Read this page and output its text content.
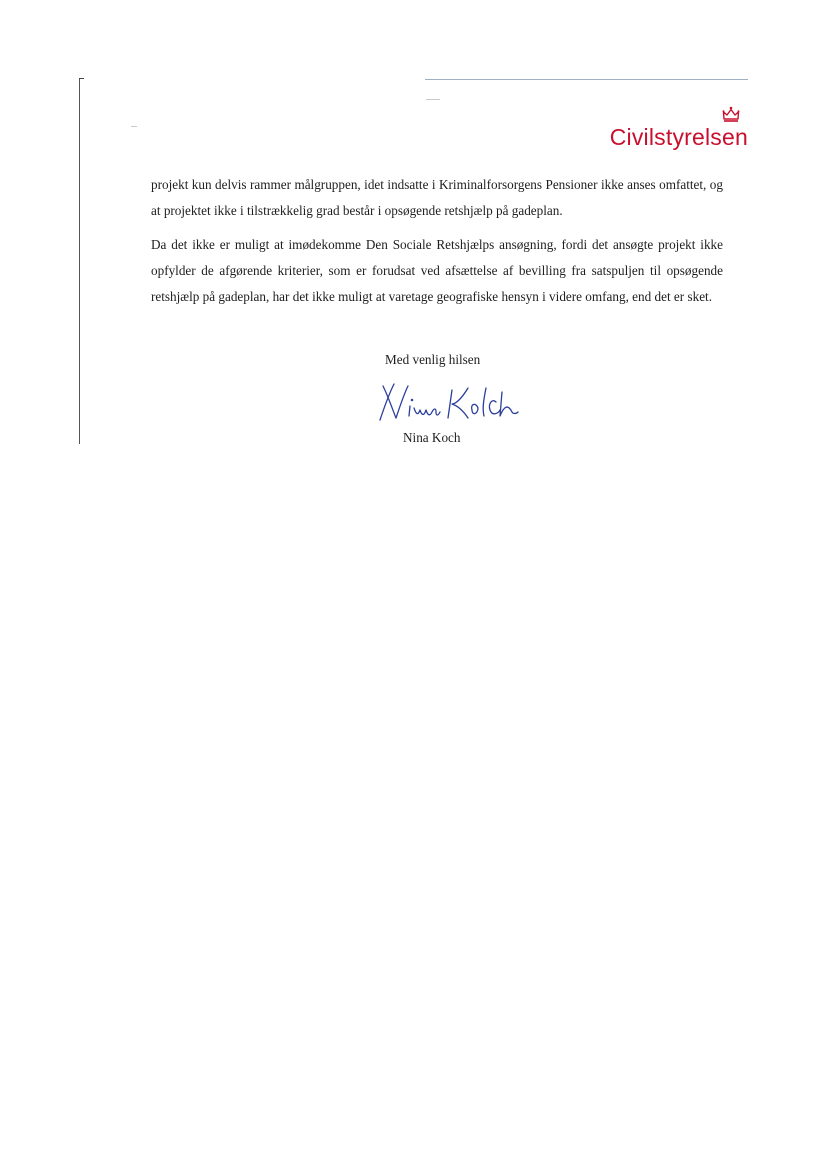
Civilstyrelsen

projekt kun delvis rammer målgruppen, idet indsatte i Kriminalforsorgens Pensioner ikke anses omfattet, og at projektet ikke i tilstrækkelig grad består i opsøgende retshjælp på gadeplan.

Da det ikke er muligt at imødekomme Den Sociale Retshjælps ansøgning, fordi det ansøgte projekt ikke opfylder de afgørende kriterier, som er forudsat ved afsættelse af bevilling fra satspuljen til opsøgende retshjælp på gadeplan, har det ikke muligt at varetage geografiske hensyn i videre omfang, end det er sket.

Med venlig hilsen
Nina Koch
